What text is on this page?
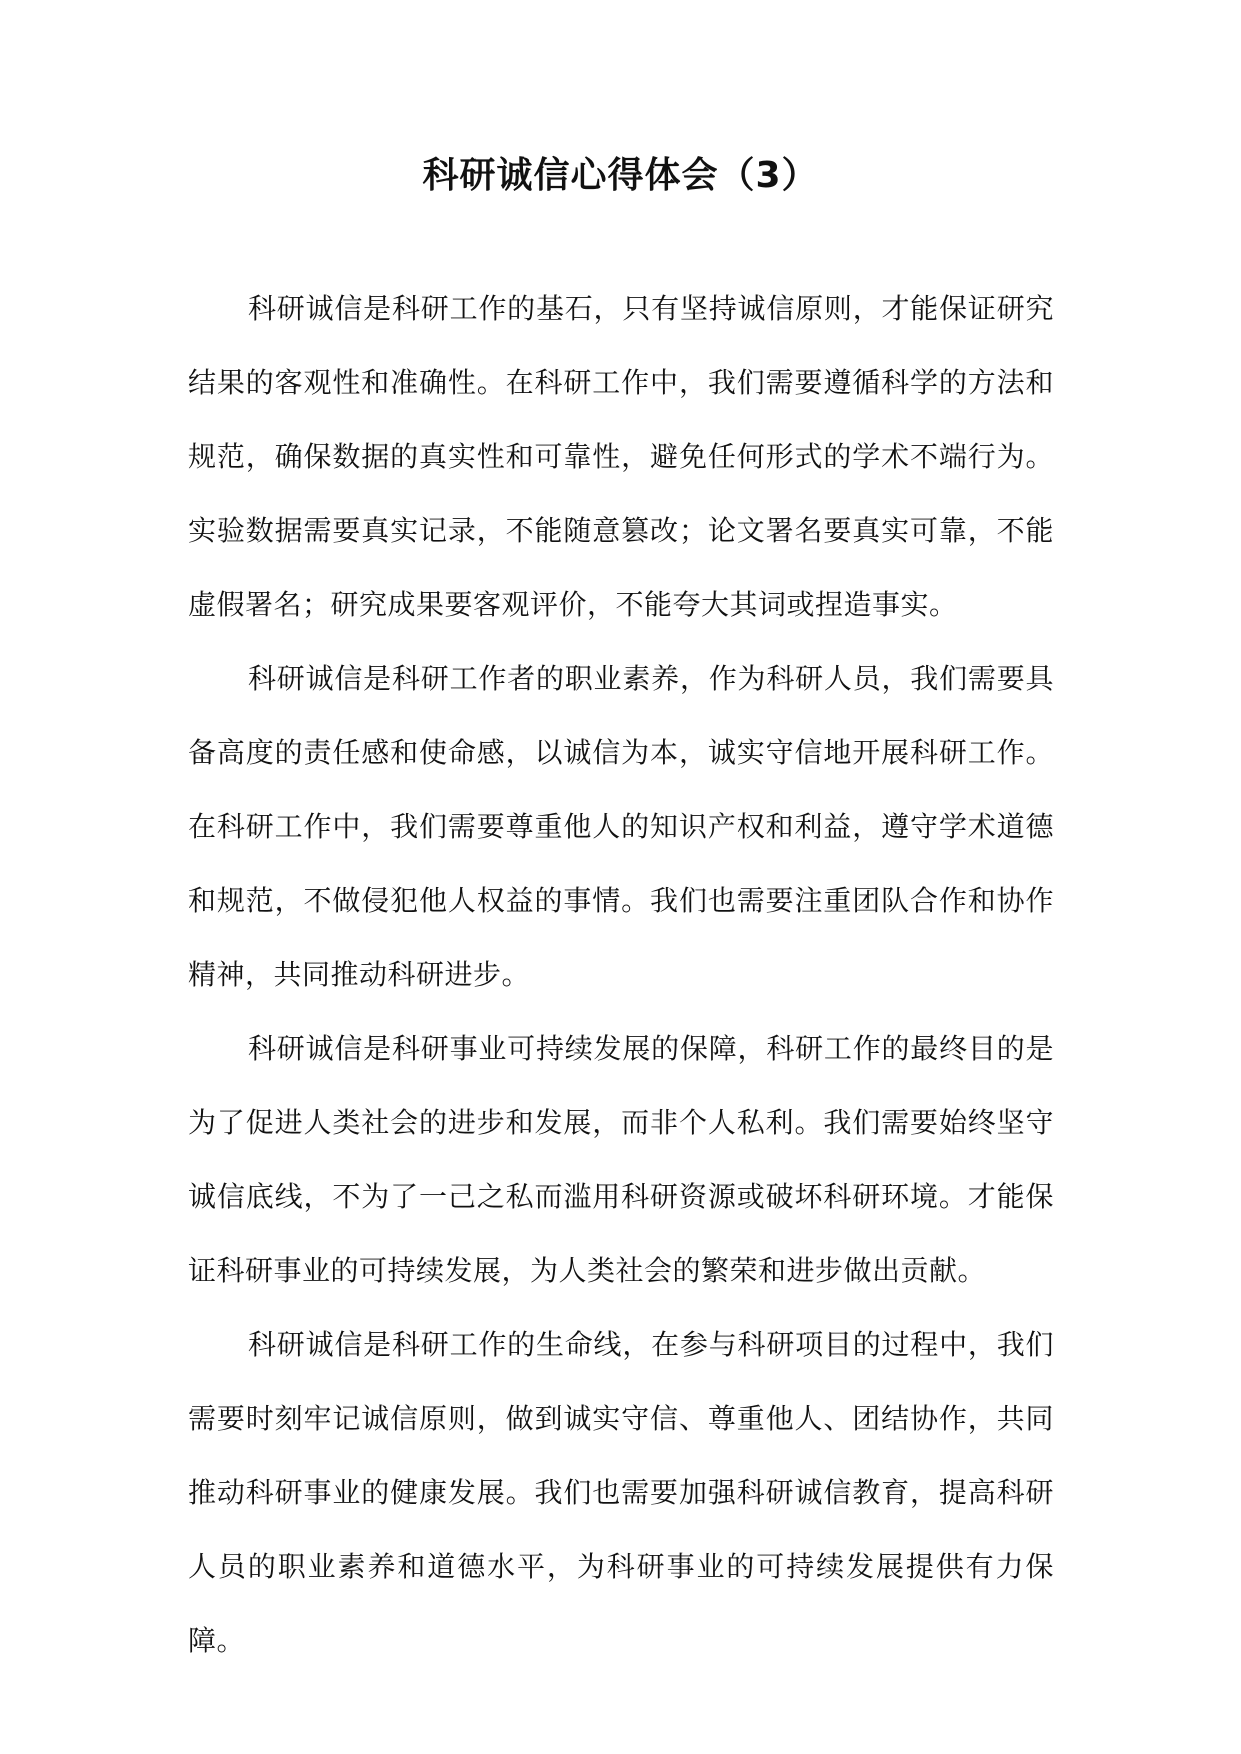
科研诚信心得体会（3）

科研诚信是科研工作的基石，只有坚持诚信原则，才能保证研究结果的客观性和准确性。在科研工作中，我们需要遵循科学的方法和规范，确保数据的真实性和可靠性，避免任何形式的学术不端行为。实验数据需要真实记录，不能随意篡改；论文署名要真实可靠，不能虚假署名；研究成果要客观评价，不能夸大其词或捏造事实。

科研诚信是科研工作者的职业素养，作为科研人员，我们需要具备高度的责任感和使命感，以诚信为本，诚实守信地开展科研工作。在科研工作中，我们需要尊重他人的知识产权和利益，遵守学术道德和规范，不做侵犯他人权益的事情。我们也需要注重团队合作和协作精神，共同推动科研进步。

科研诚信是科研事业可持续发展的保障，科研工作的最终目的是为了促进人类社会的进步和发展，而非个人私利。我们需要始终坚守诚信底线，不为了一己之私而滥用科研资源或破坏科研环境。才能保证科研事业的可持续发展，为人类社会的繁荣和进步做出贡献。

科研诚信是科研工作的生命线，在参与科研项目的过程中，我们需要时刻牢记诚信原则，做到诚实守信、尊重他人、团结协作，共同推动科研事业的健康发展。我们也需要加强科研诚信教育，提高科研人员的职业素养和道德水平，为科研事业的可持续发展提供有力保障。
